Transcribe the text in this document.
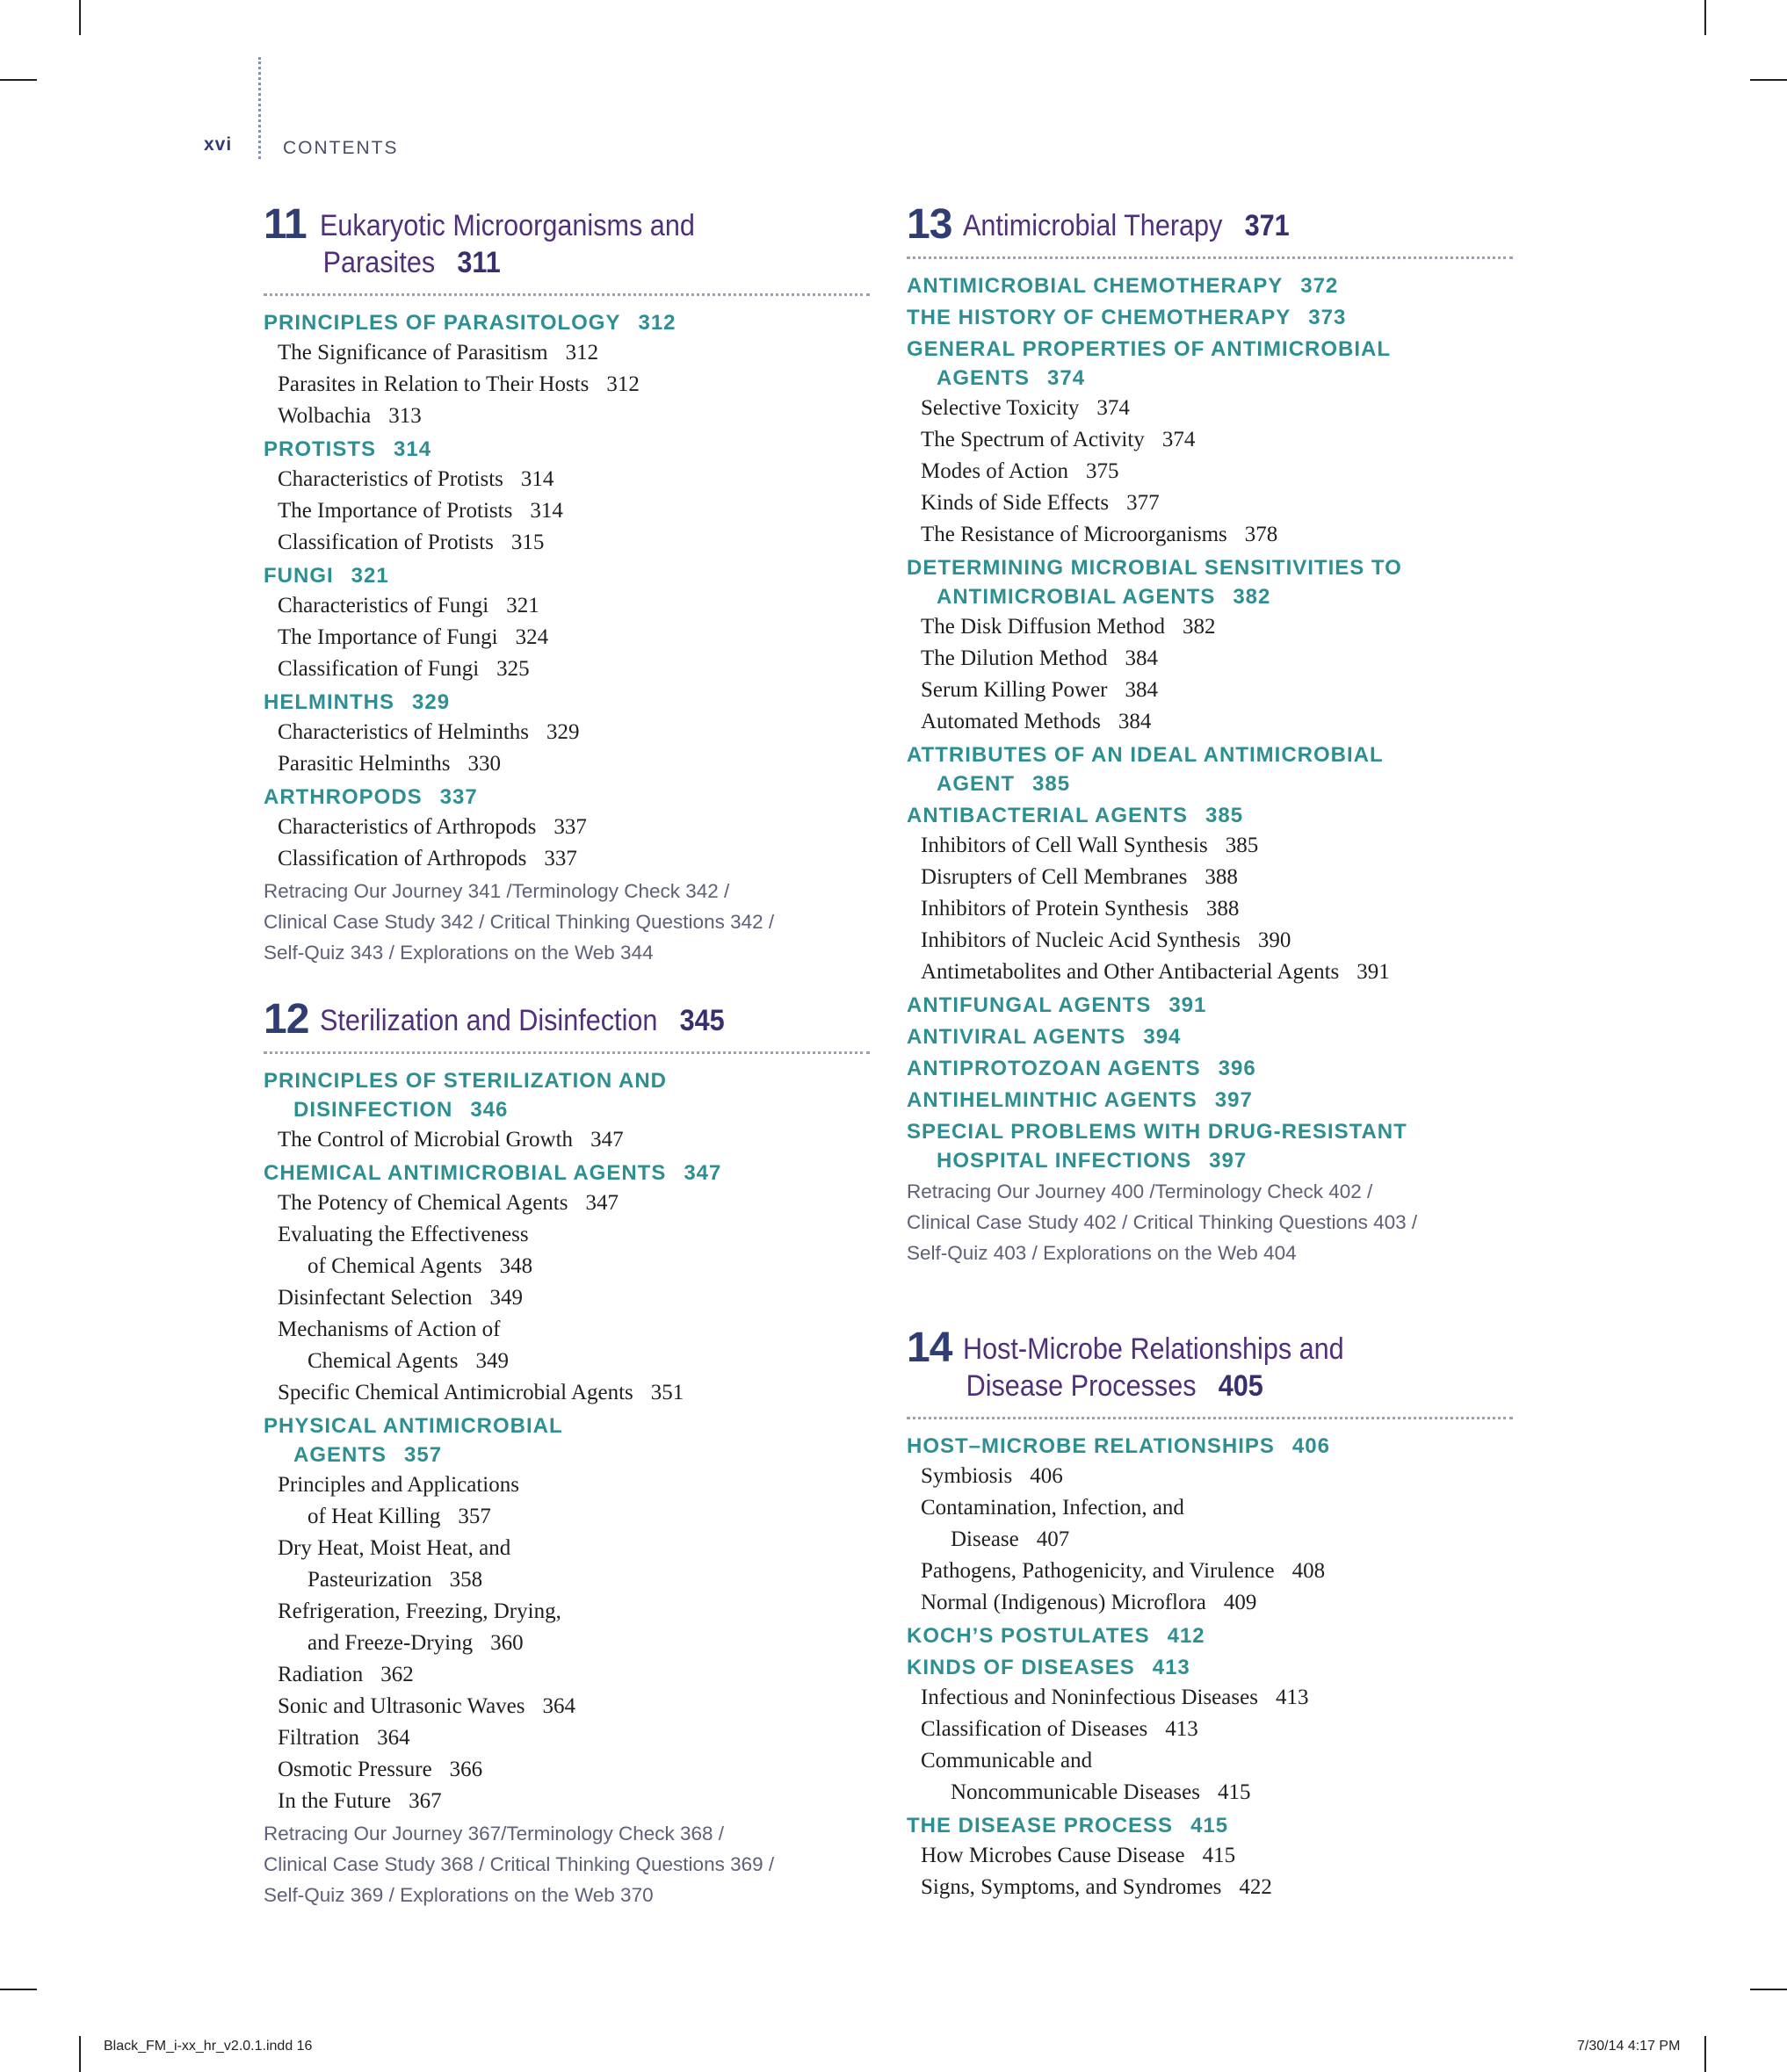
xvi	CONTENTS
11 Eukaryotic Microorganisms and
Parasites 311
PRINCIPLES OF PARASITOLOGY 312
The Significance of Parasitism 312
Parasites in Relation to Their Hosts 312
Wolbachia 313
PROTISTS 314
Characteristics of Protists 314
The Importance of Protists 314
Classification of Protists 315
FUNGI 321
Characteristics of Fungi 321
The Importance of Fungi 324
Classification of Fungi 325
HELMINTHS 329
Characteristics of Helminths 329
Parasitic Helminths 330
ARTHROPODS 337
Characteristics of Arthropods 337
Classification of Arthropods 337
Retracing Our Journey 341 /Terminology Check 342 /
Clinical Case Study 342 / Critical Thinking Questions 342 /
Self-Quiz 343 / Explorations on the Web 344
12 Sterilization and Disinfection 345
PRINCIPLES OF STERILIZATION AND
DISINFECTION 346
The Control of Microbial Growth 347
CHEMICAL ANTIMICROBIAL AGENTS 347
The Potency of Chemical Agents 347
Evaluating the Effectiveness
of Chemical Agents 348
Disinfectant Selection 349
Mechanisms of Action of
Chemical Agents 349
Specific Chemical Antimicrobial Agents 351
PHYSICAL ANTIMICROBIAL
AGENTS 357
Principles and Applications
of Heat Killing 357
Dry Heat, Moist Heat, and
Pasteurization 358
Refrigeration, Freezing, Drying,
and Freeze-Drying 360
Radiation 362
Sonic and Ultrasonic Waves 364
Filtration 364
Osmotic Pressure 366
In the Future 367
Retracing Our Journey 367/Terminology Check 368 /
Clinical Case Study 368 / Critical Thinking Questions 369 /
Self-Quiz 369 / Explorations on the Web 370
13 Antimicrobial Therapy 371
ANTIMICROBIAL CHEMOTHERAPY 372
THE HISTORY OF CHEMOTHERAPY 373
GENERAL PROPERTIES OF ANTIMICROBIAL
AGENTS 374
Selective Toxicity 374
The Spectrum of Activity 374
Modes of Action 375
Kinds of Side Effects 377
The Resistance of Microorganisms 378
DETERMINING MICROBIAL SENSITIVITIES TO
ANTIMICROBIAL AGENTS 382
The Disk Diffusion Method 382
The Dilution Method 384
Serum Killing Power 384
Automated Methods 384
ATTRIBUTES OF AN IDEAL ANTIMICROBIAL
AGENT 385
ANTIBACTERIAL AGENTS 385
Inhibitors of Cell Wall Synthesis 385
Disrupters of Cell Membranes 388
Inhibitors of Protein Synthesis 388
Inhibitors of Nucleic Acid Synthesis 390
Antimetabolites and Other Antibacterial Agents 391
ANTIFUNGAL AGENTS 391
ANTIVIRAL AGENTS 394
ANTIPROTOZOAN AGENTS 396
ANTIHELMINTHIC AGENTS 397
SPECIAL PROBLEMS WITH DRUG-RESISTANT
HOSPITAL INFECTIONS 397
Retracing Our Journey 400 /Terminology Check 402 /
Clinical Case Study 402 / Critical Thinking Questions 403 /
Self-Quiz 403 / Explorations on the Web 404
14 Host-Microbe Relationships and
Disease Processes 405
HOST–MICROBE RELATIONSHIPS 406
Symbiosis 406
Contamination, Infection, and
Disease 407
Pathogens, Pathogenicity, and Virulence 408
Normal (Indigenous) Microflora 409
KOCH’S POSTULATES 412
KINDS OF DISEASES 413
Infectious and Noninfectious Diseases 413
Classification of Diseases 413
Communicable and
Noncommunicable Diseases 415
THE DISEASE PROCESS 415
How Microbes Cause Disease 415
Signs, Symptoms, and Syndromes 422
Black_FM_i-xx_hr_v2.0.1.indd 16	7/30/14 4:17 PM
